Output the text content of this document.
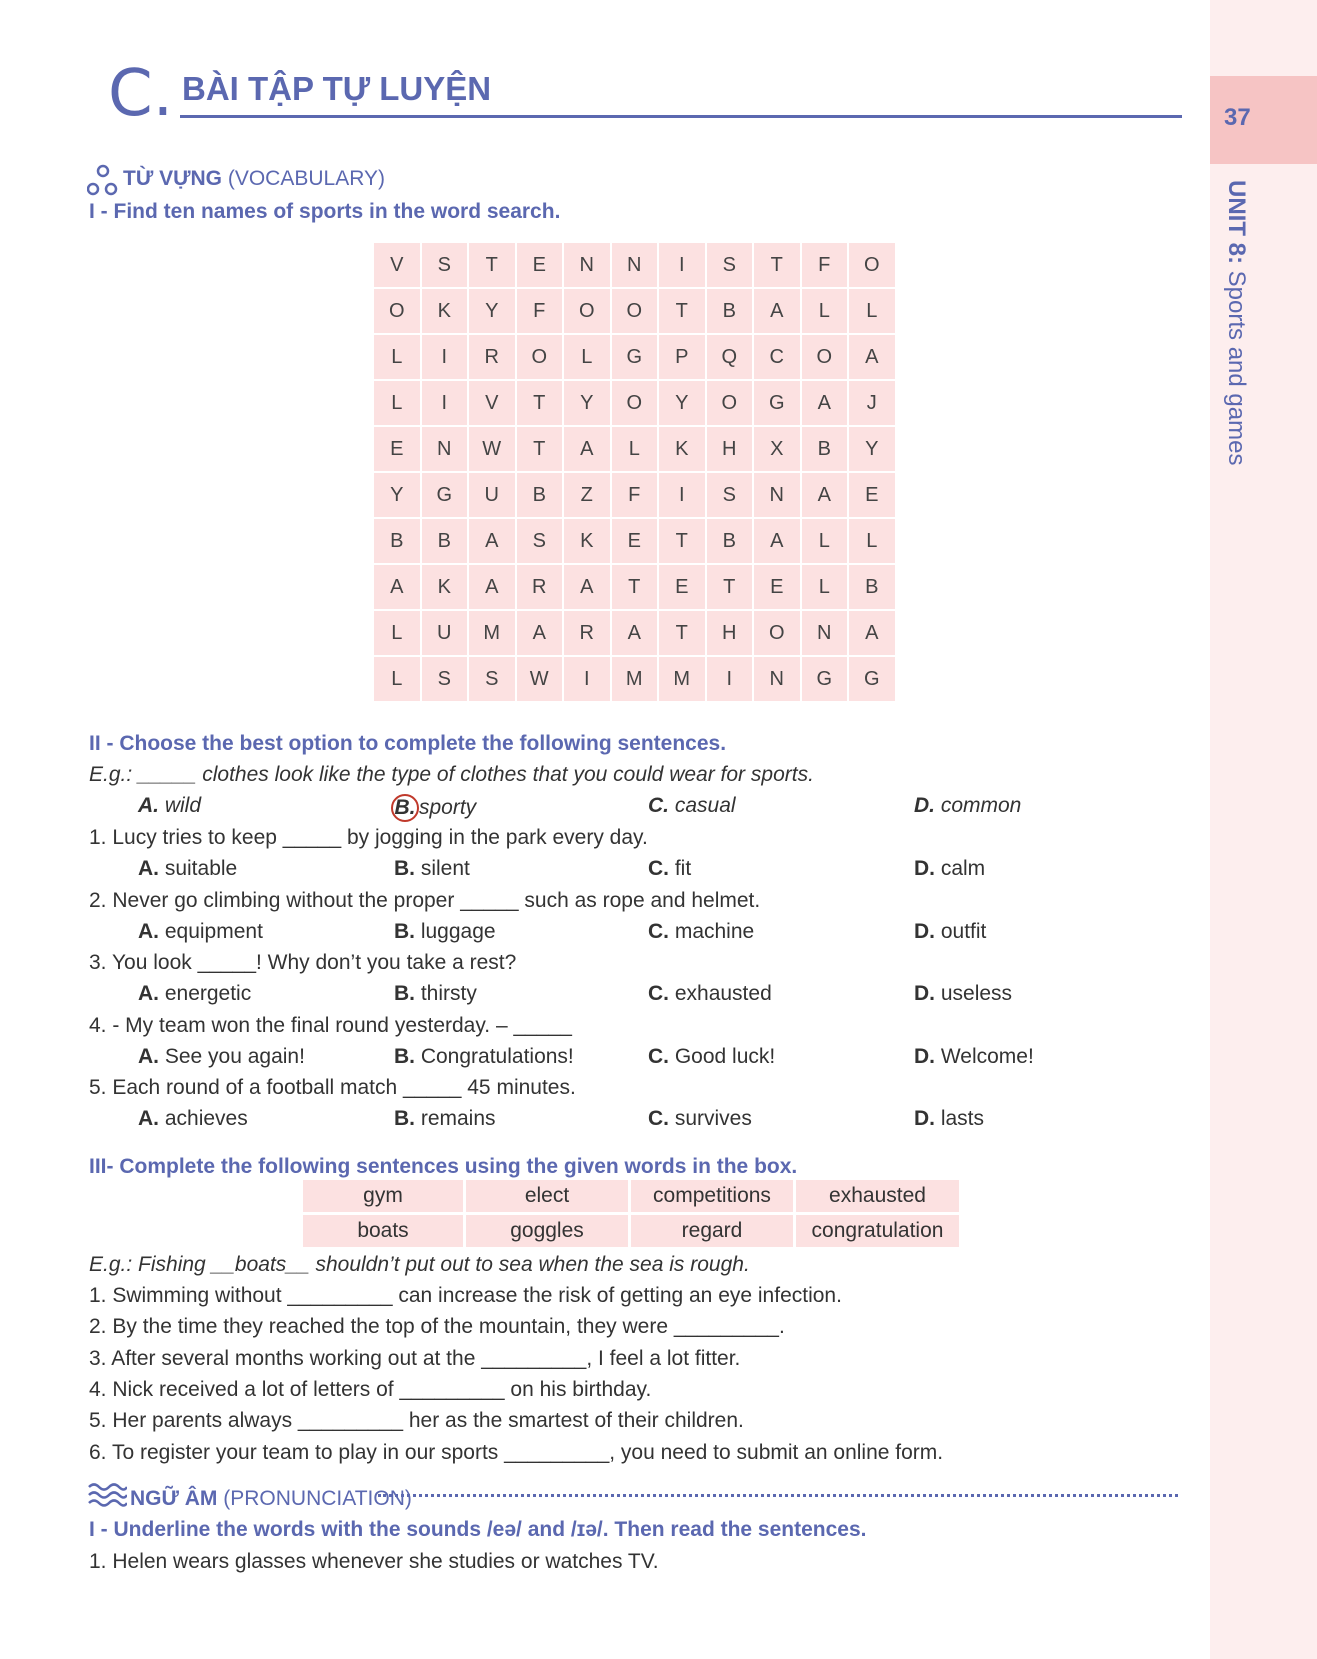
37
UNIT 8: Sports and games
C. BÀI TẬP TỰ LUYỆN
TỪ VỰNG (VOCABULARY)
I - Find ten names of sports in the word search.
V	S	T	E	N	N	I	S	T	F	O
O	K	Y	F	O	O	T	B	A	L	L
L	I	R	O	L	G	P	Q	C	O	A
L	I	V	T	Y	O	Y	O	G	A	J
E	N	W	T	A	L	K	H	X	B	Y
Y	G	U	B	Z	F	I	S	N	A	E
B	B	A	S	K	E	T	B	A	L	L
A	K	A	R	A	T	E	T	E	L	B
L	U	M	A	R	A	T	H	O	N	A
L	S	S	W	I	M	M	I	N	G	G
II - Choose the best option to complete the following sentences.
E.g.: _____ clothes look like the type of clothes that you could wear for sports.
A. wild	B. sporty	C. casual	D. common
1. Lucy tries to keep _____ by jogging in the park every day.
A. suitable	B. silent	C. fit	D. calm
2. Never go climbing without the proper _____ such as rope and helmet.
A. equipment	B. luggage	C. machine	D. outfit
3. You look _____! Why don’t you take a rest?
A. energetic	B. thirsty	C. exhausted	D. useless
4. - My team won the final round yesterday. – _____
A. See you again!	B. Congratulations!	C. Good luck!	D. Welcome!
5. Each round of a football match _____ 45 minutes.
A. achieves	B. remains	C. survives	D. lasts
III- Complete the following sentences using the given words in the box.
gym	elect	competitions	exhausted
boats	goggles	regard	congratulation
E.g.: Fishing __boats__ shouldn’t put out to sea when the sea is rough.
1. Swimming without _________ can increase the risk of getting an eye infection.
2. By the time they reached the top of the mountain, they were _________.
3. After several months working out at the _________, I feel a lot fitter.
4. Nick received a lot of letters of _________ on his birthday.
5. Her parents always _________ her as the smartest of their children.
6. To register your team to play in our sports _________, you need to submit an online form.
NGỮ ÂM (PRONUNCIATION)
I - Underline the words with the sounds /eə/ and /ɪə/. Then read the sentences.
1. Helen wears glasses whenever she studies or watches TV.
